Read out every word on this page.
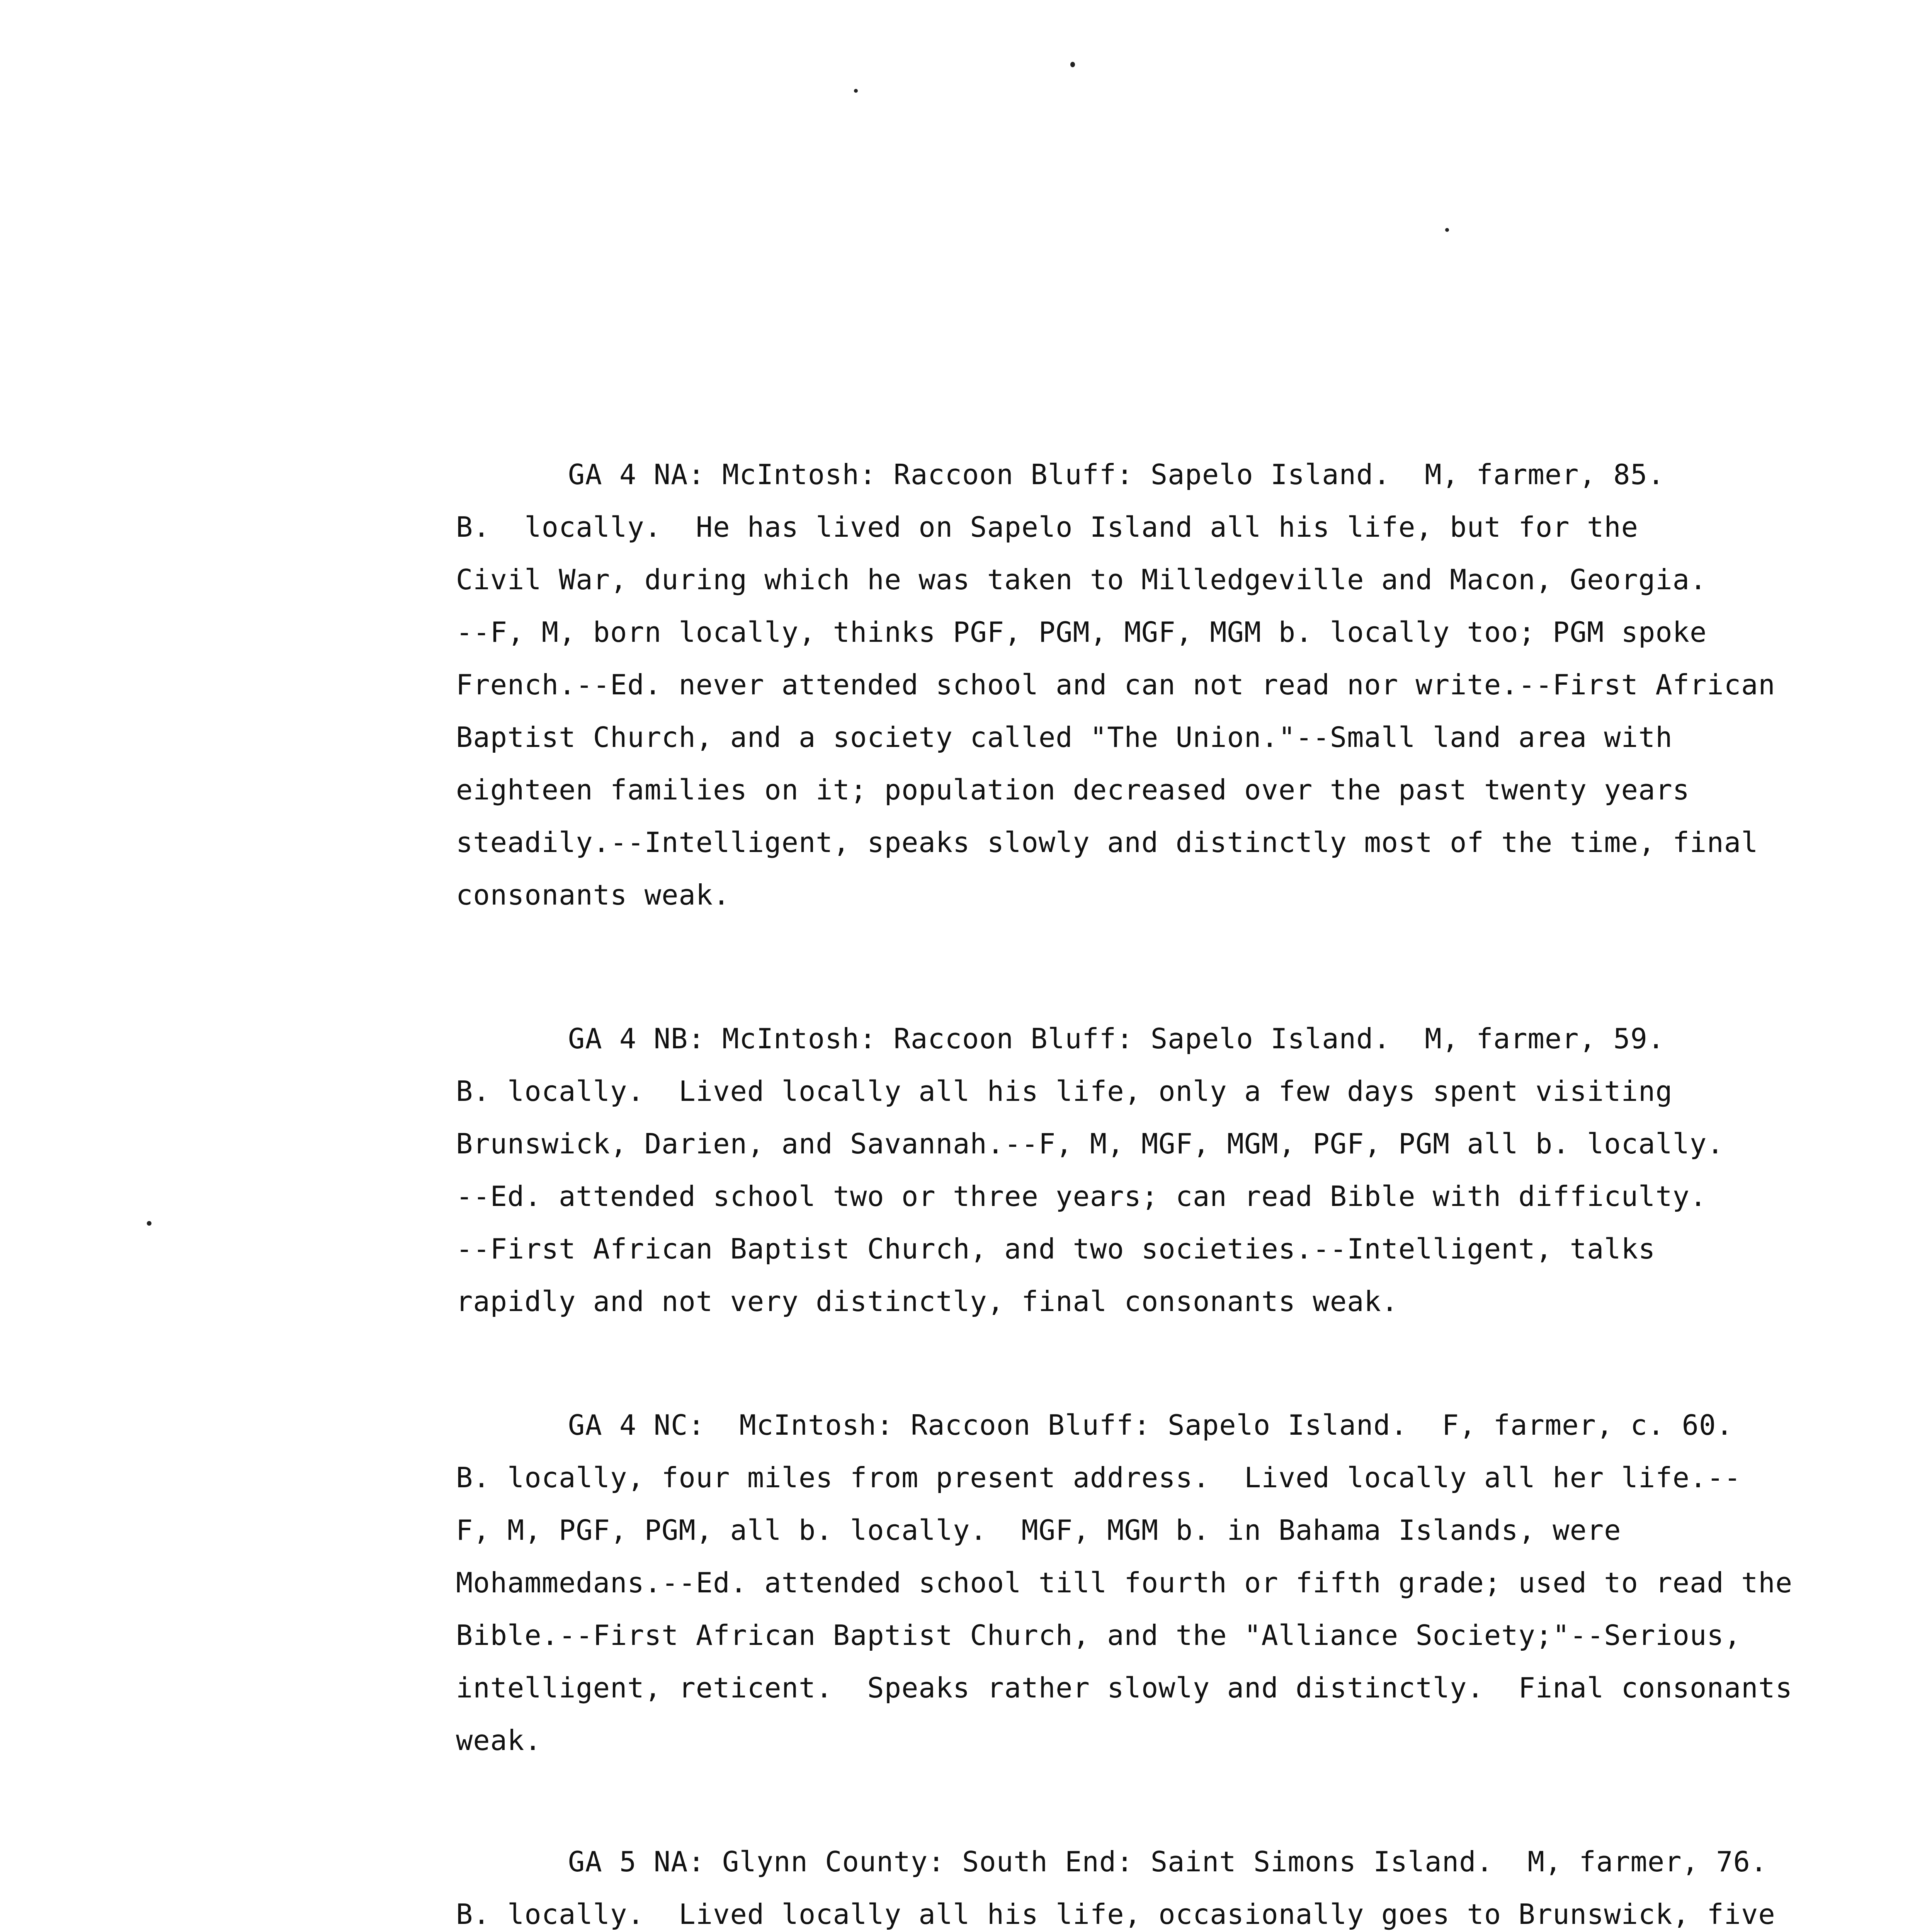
GA 4 NA: McIntosh: Raccoon Bluff: Sapelo Island.  M, farmer, 85.
B.  locally.  He has lived on Sapelo Island all his life, but for the
Civil War, during which he was taken to Milledgeville and Macon, Georgia.
--F, M, born locally, thinks PGF, PGM, MGF, MGM b. locally too; PGM spoke
French.--Ed. never attended school and can not read nor write.--First African
Baptist Church, and a society called "The Union."--Small land area with
eighteen families on it; population decreased over the past twenty years
steadily.--Intelligent, speaks slowly and distinctly most of the time, final
consonants weak.
GA 4 NB: McIntosh: Raccoon Bluff: Sapelo Island.  M, farmer, 59.
B. locally.  Lived locally all his life, only a few days spent visiting
Brunswick, Darien, and Savannah.--F, M, MGF, MGM, PGF, PGM all b. locally.
--Ed. attended school two or three years; can read Bible with difficulty.
--First African Baptist Church, and two societies.--Intelligent, talks
rapidly and not very distinctly, final consonants weak.
GA 4 NC:  McIntosh: Raccoon Bluff: Sapelo Island.  F, farmer, c. 60.
B. locally, four miles from present address.  Lived locally all her life.--
F, M, PGF, PGM, all b. locally.  MGF, MGM b. in Bahama Islands, were
Mohammedans.--Ed. attended school till fourth or fifth grade; used to read the
Bible.--First African Baptist Church, and the "Alliance Society;"--Serious,
intelligent, reticent.  Speaks rather slowly and distinctly.  Final consonants
weak.
GA 5 NA: Glynn County: South End: Saint Simons Island.  M, farmer, 76.
B. locally.  Lived locally all his life, occasionally goes to Brunswick, five
